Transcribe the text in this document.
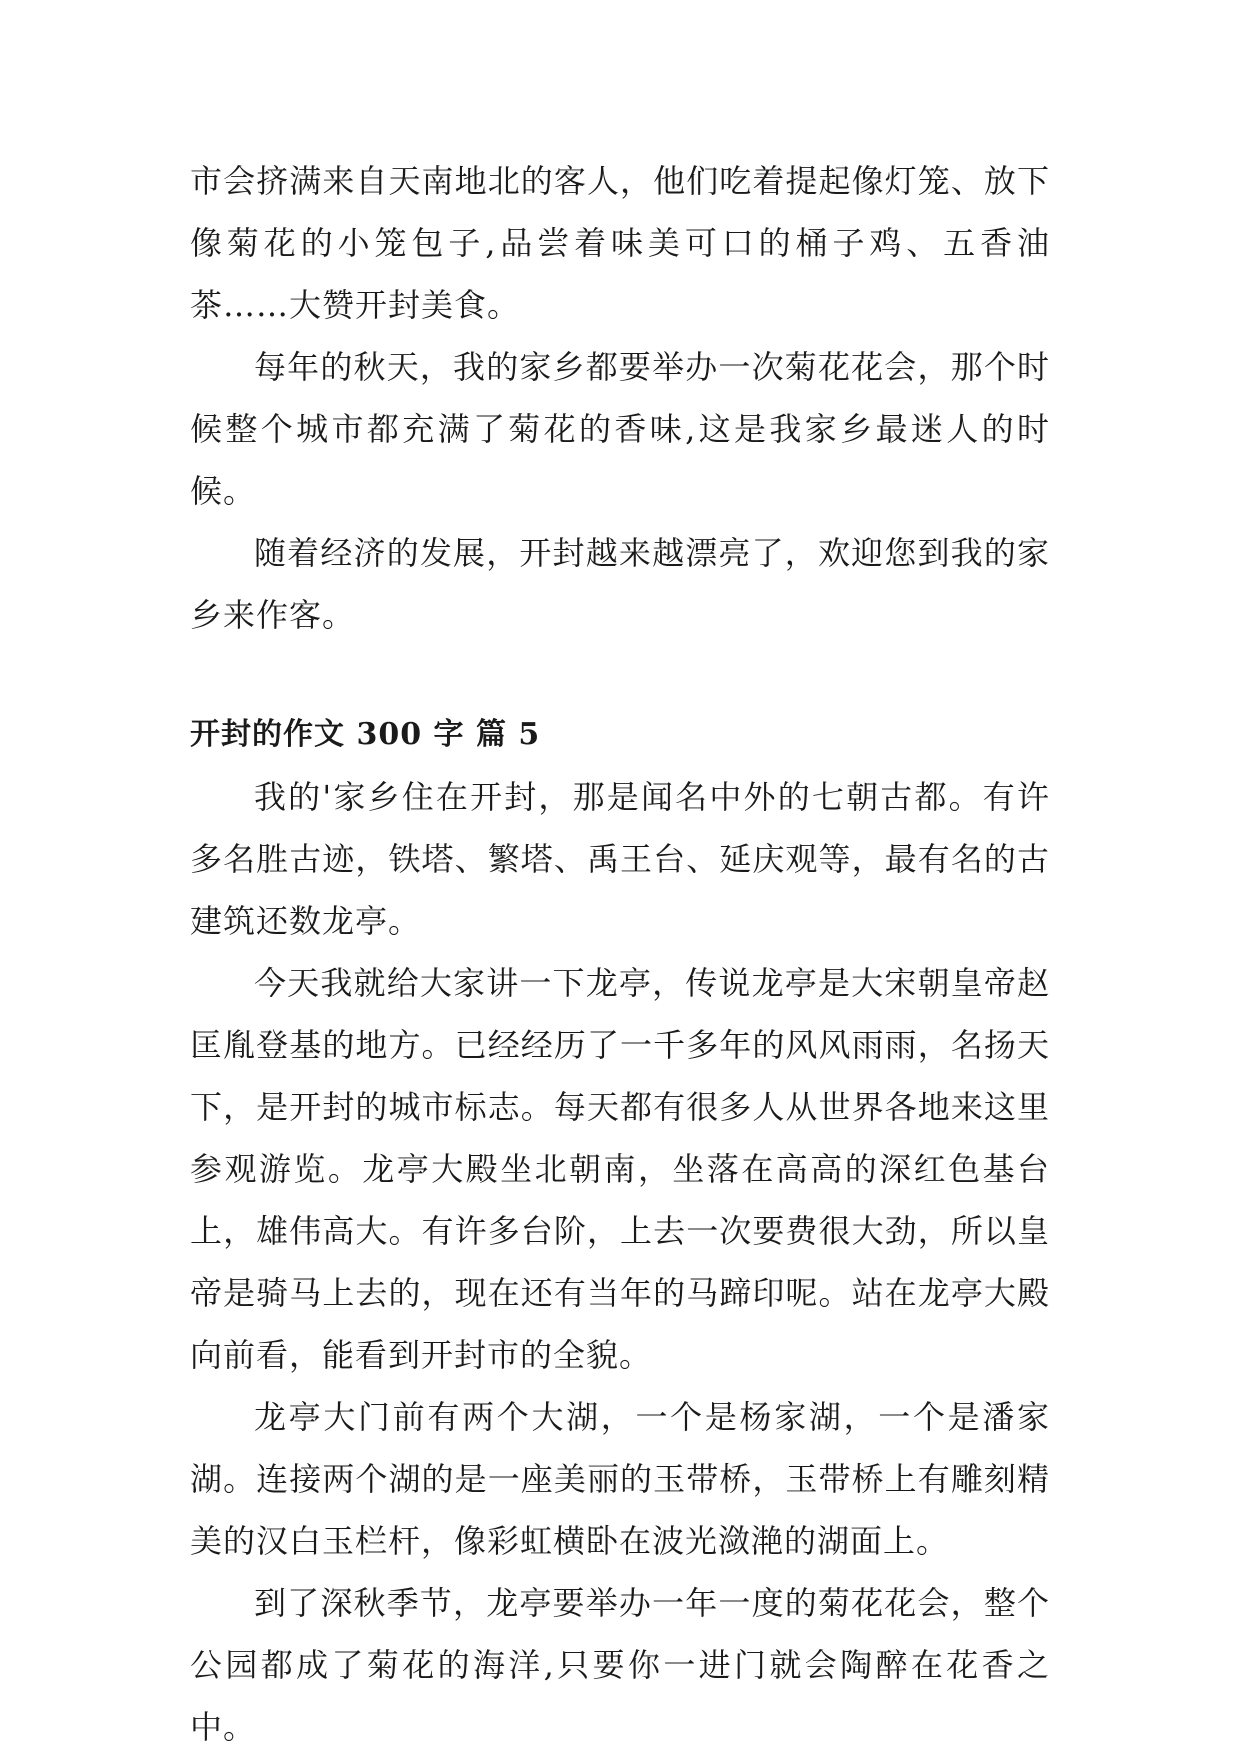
市会挤满来自天南地北的客人，他们吃着提起像灯笼、放下像菊花的小笼包子,品尝着味美可口的桶子鸡、五香油茶……大赞开封美食。

每年的秋天，我的家乡都要举办一次菊花花会，那个时候整个城市都充满了菊花的香味,这是我家乡最迷人的时候。

随着经济的发展，开封越来越漂亮了，欢迎您到我的家乡来作客。

开封的作文 300 字 篇 5

我的'家乡住在开封，那是闻名中外的七朝古都。有许多名胜古迹，铁塔、繁塔、禹王台、延庆观等，最有名的古建筑还数龙亭。

今天我就给大家讲一下龙亭，传说龙亭是大宋朝皇帝赵匡胤登基的地方。已经经历了一千多年的风风雨雨，名扬天下，是开封的城市标志。每天都有很多人从世界各地来这里参观游览。龙亭大殿坐北朝南，坐落在高高的深红色基台上，雄伟高大。有许多台阶，上去一次要费很大劲，所以皇帝是骑马上去的，现在还有当年的马蹄印呢。站在龙亭大殿向前看，能看到开封市的全貌。

龙亭大门前有两个大湖，一个是杨家湖，一个是潘家湖。连接两个湖的是一座美丽的玉带桥，玉带桥上有雕刻精美的汉白玉栏杆，像彩虹横卧在波光潋滟的湖面上。

到了深秋季节，龙亭要举办一年一度的菊花花会，整个公园都成了菊花的海洋,只要你一进门就会陶醉在花香之中。
